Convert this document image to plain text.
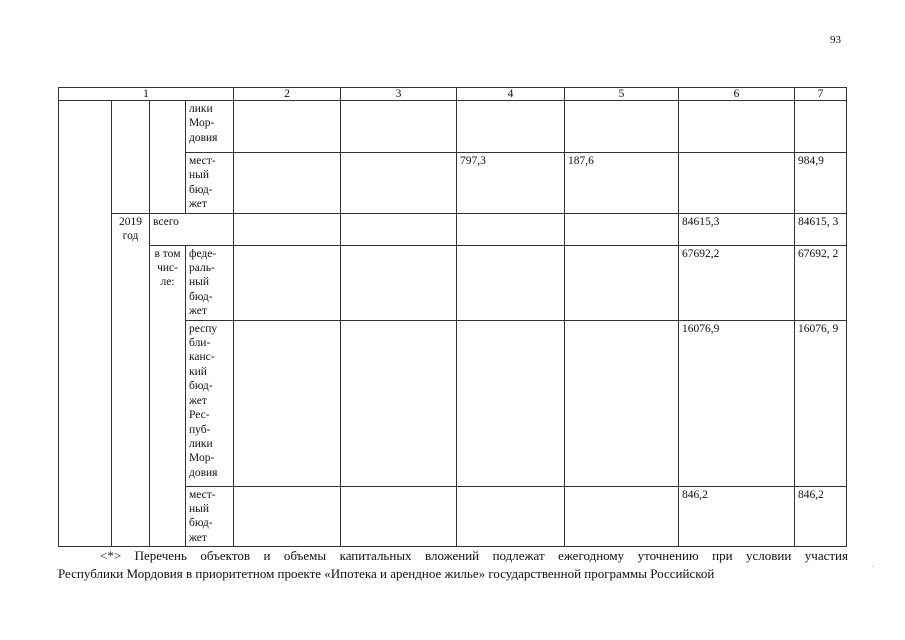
93
1				2	3	4	5	6	7
			лики Мор- довия						
			мест- ный бюд- жет			797,3	187,6		984,9
	2019 год	всего						84615,3	84615, 3
		в том чис- ле:	феде- раль- ный бюд- жет					67692,2	67692, 2
			респу бли- канс- кий бюд- жет Рес- пуб- лики Мор- довия					16076,9	16076, 9
			мест- ный бюд- жет					846,2	846,2

<*> Перечень объектов и объемы капитальных вложений подлежат ежегодному уточнению при условии участия

Республики Мордовия в приоритетном проекте «Ипотека и арендное жилье» государственной программы Российской

·	·
